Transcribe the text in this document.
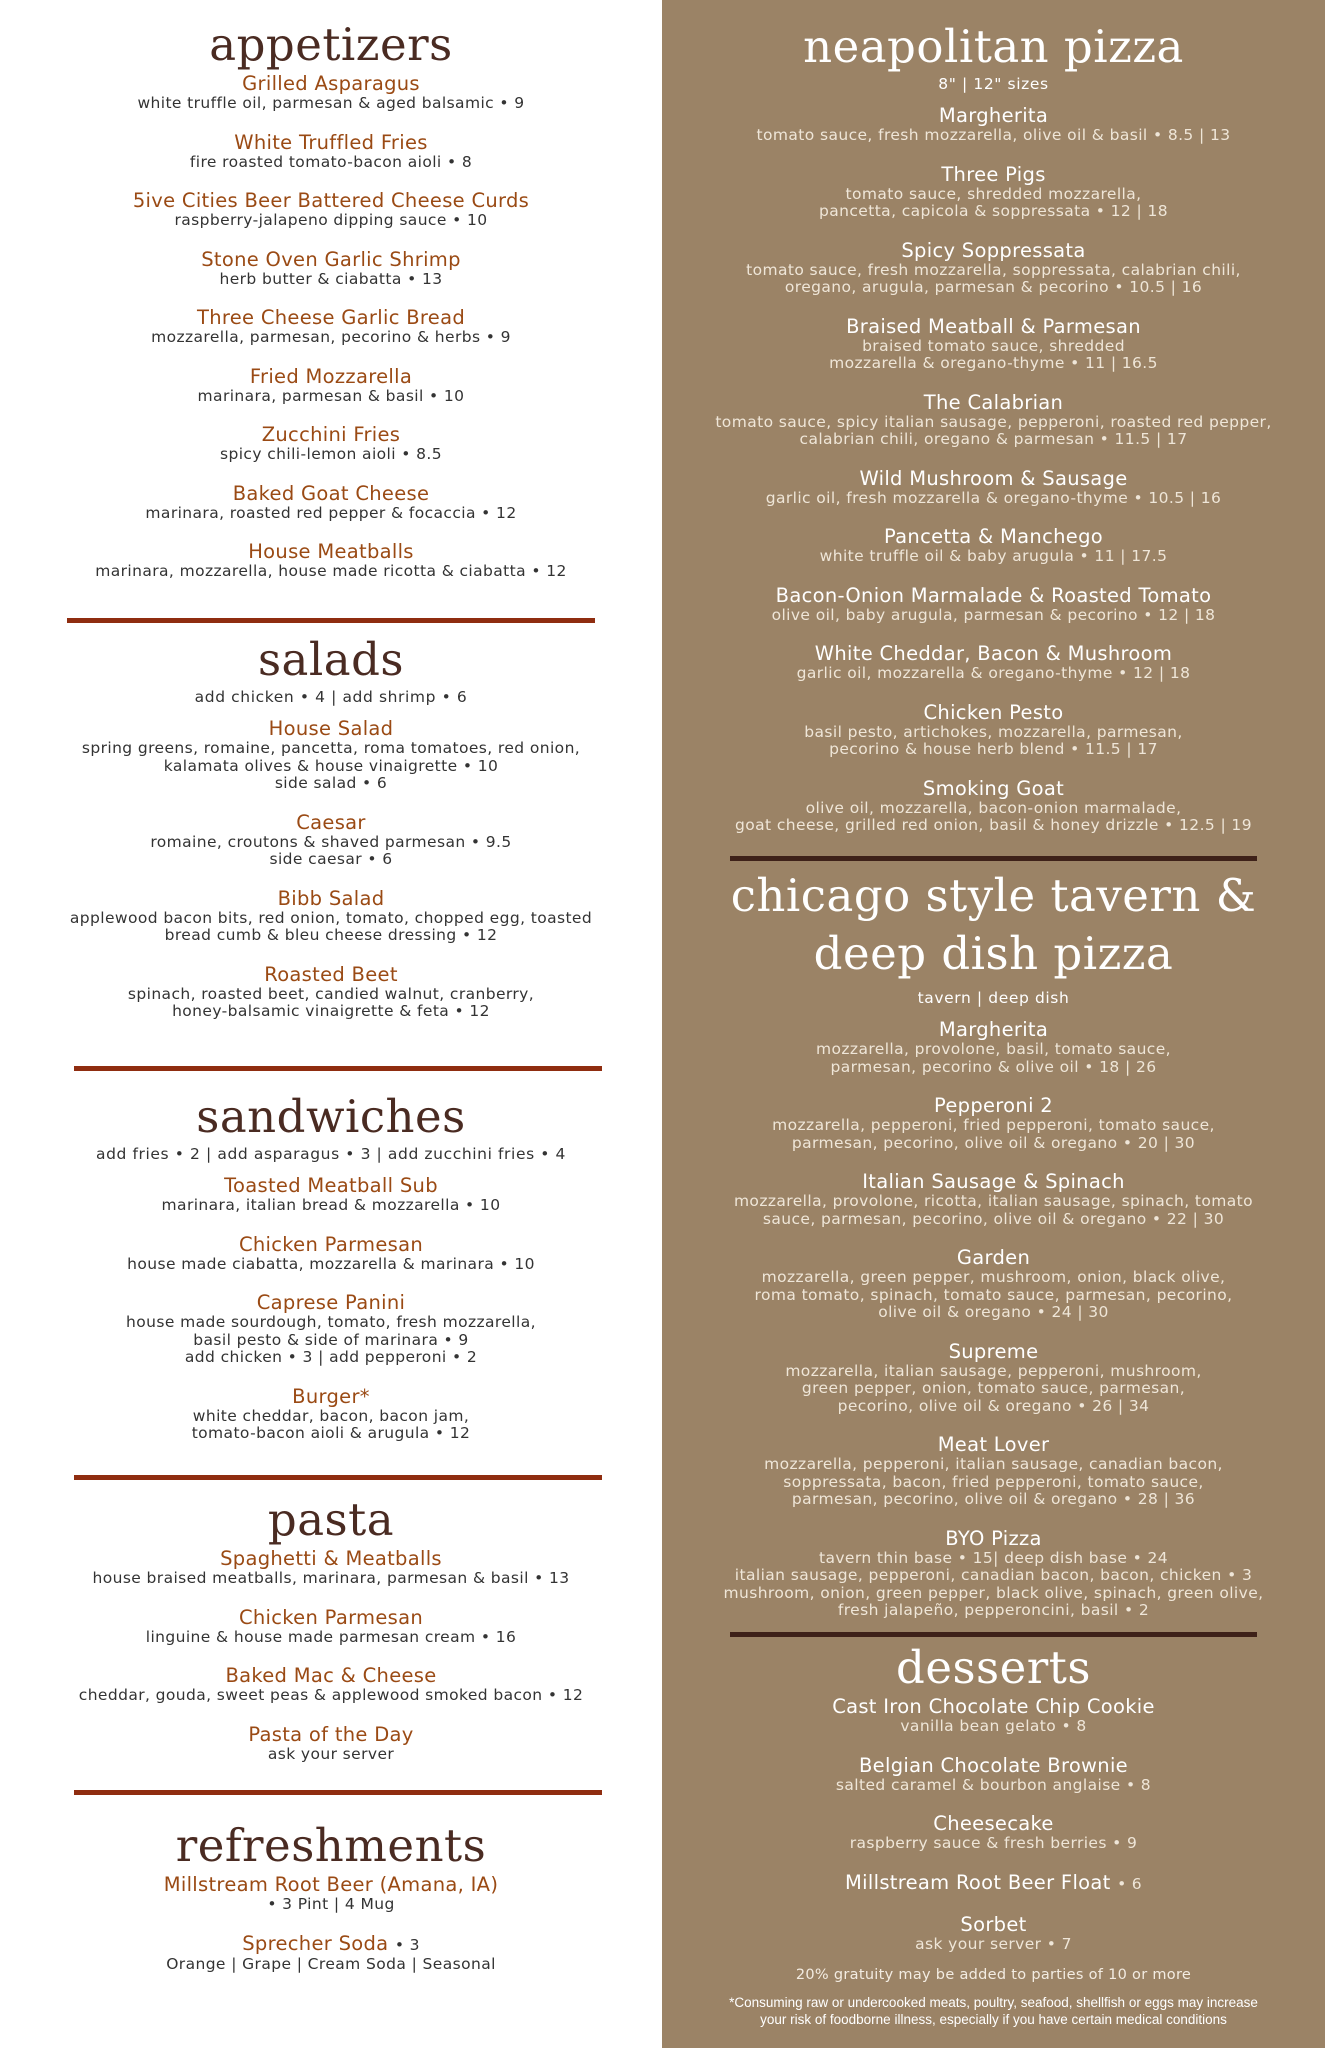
appetizers
Grilled Asparagus
white truffle oil, parmesan & aged balsamic • 9
White Truffled Fries
fire roasted tomato-bacon aioli • 8
5ive Cities Beer Battered Cheese Curds
raspberry-jalapeno dipping sauce • 10
Stone Oven Garlic Shrimp
herb butter & ciabatta • 13
Three Cheese Garlic Bread
mozzarella, parmesan, pecorino & herbs • 9
Fried Mozzarella
marinara, parmesan & basil • 10
Zucchini Fries
spicy chili-lemon aioli • 8.5
Baked Goat Cheese
marinara, roasted red pepper & focaccia • 12
House Meatballs
marinara, mozzarella, house made ricotta & ciabatta • 12
salads
add chicken • 4 | add shrimp • 6
House Salad
spring greens, romaine, pancetta, roma tomatoes, red onion,
kalamata olives & house vinaigrette • 10
side salad • 6
Caesar
romaine, croutons & shaved parmesan • 9.5
side caesar • 6
Bibb Salad
applewood bacon bits, red onion, tomato, chopped egg, toasted
bread cumb & bleu cheese dressing • 12
Roasted Beet
spinach, roasted beet, candied walnut, cranberry,
honey-balsamic vinaigrette & feta • 12
sandwiches
add fries • 2 | add asparagus • 3 | add zucchini fries • 4
Toasted Meatball Sub
marinara, italian bread & mozzarella • 10
Chicken Parmesan
house made ciabatta, mozzarella & marinara • 10
Caprese Panini
house made sourdough, tomato, fresh mozzarella,
basil pesto & side of marinara • 9
add chicken • 3 | add pepperoni • 2
Burger*
white cheddar, bacon, bacon jam,
tomato-bacon aioli & arugula • 12
pasta
Spaghetti & Meatballs
house braised meatballs, marinara, parmesan & basil • 13
Chicken Parmesan
linguine & house made parmesan cream • 16
Baked Mac & Cheese
cheddar, gouda, sweet peas & applewood smoked bacon • 12
Pasta of the Day
ask your server
refreshments
Millstream Root Beer (Amana, IA)
• 3 Pint | 4 Mug
Sprecher Soda • 3
Orange | Grape | Cream Soda | Seasonal
neapolitan pizza
8" | 12" sizes
Margherita
tomato sauce, fresh mozzarella, olive oil & basil • 8.5 | 13
Three Pigs
tomato sauce, shredded mozzarella,
pancetta, capicola & soppressata • 12 | 18
Spicy Soppressata
tomato sauce, fresh mozzarella, soppressata, calabrian chili,
oregano, arugula, parmesan & pecorino • 10.5 | 16
Braised Meatball & Parmesan
braised tomato sauce, shredded
mozzarella & oregano-thyme • 11 | 16.5
The Calabrian
tomato sauce, spicy italian sausage, pepperoni, roasted red pepper,
calabrian chili, oregano & parmesan • 11.5 | 17
Wild Mushroom & Sausage
garlic oil, fresh mozzarella & oregano-thyme • 10.5 | 16
Pancetta & Manchego
white truffle oil & baby arugula • 11 | 17.5
Bacon-Onion Marmalade & Roasted Tomato
olive oil, baby arugula, parmesan & pecorino • 12 | 18
White Cheddar, Bacon & Mushroom
garlic oil, mozzarella & oregano-thyme • 12 | 18
Chicken Pesto
basil pesto, artichokes, mozzarella, parmesan,
pecorino & house herb blend • 11.5 | 17
Smoking Goat
olive oil, mozzarella, bacon-onion marmalade,
goat cheese, grilled red onion, basil & honey drizzle • 12.5 | 19
chicago style tavern &
deep dish pizza
tavern | deep dish
Margherita
mozzarella, provolone, basil, tomato sauce,
parmesan, pecorino & olive oil • 18 | 26
Pepperoni 2
mozzarella, pepperoni, fried pepperoni, tomato sauce,
parmesan, pecorino, olive oil & oregano • 20 | 30
Italian Sausage & Spinach
mozzarella, provolone, ricotta, italian sausage, spinach, tomato
sauce, parmesan, pecorino, olive oil & oregano • 22 | 30
Garden
mozzarella, green pepper, mushroom, onion, black olive,
roma tomato, spinach, tomato sauce, parmesan, pecorino,
olive oil & oregano • 24 | 30
Supreme
mozzarella, italian sausage, pepperoni, mushroom,
green pepper, onion, tomato sauce, parmesan,
pecorino, olive oil & oregano • 26 | 34
Meat Lover
mozzarella, pepperoni, italian sausage, canadian bacon,
soppressata, bacon, fried pepperoni, tomato sauce,
parmesan, pecorino, olive oil & oregano • 28 | 36
BYO Pizza
tavern thin base • 15| deep dish base • 24
italian sausage, pepperoni, canadian bacon, bacon, chicken • 3
mushroom, onion, green pepper, black olive, spinach, green olive,
fresh jalapeño, pepperoncini, basil • 2
desserts
Cast Iron Chocolate Chip Cookie
vanilla bean gelato • 8
Belgian Chocolate Brownie
salted caramel & bourbon anglaise • 8
Cheesecake
raspberry sauce & fresh berries • 9
Millstream Root Beer Float • 6
Sorbet
ask your server • 7
20% gratuity may be added to parties of 10 or more
*Consuming raw or undercooked meats, poultry, seafood, shellfish or eggs may increase
your risk of foodborne illness, especially if you have certain medical conditions
